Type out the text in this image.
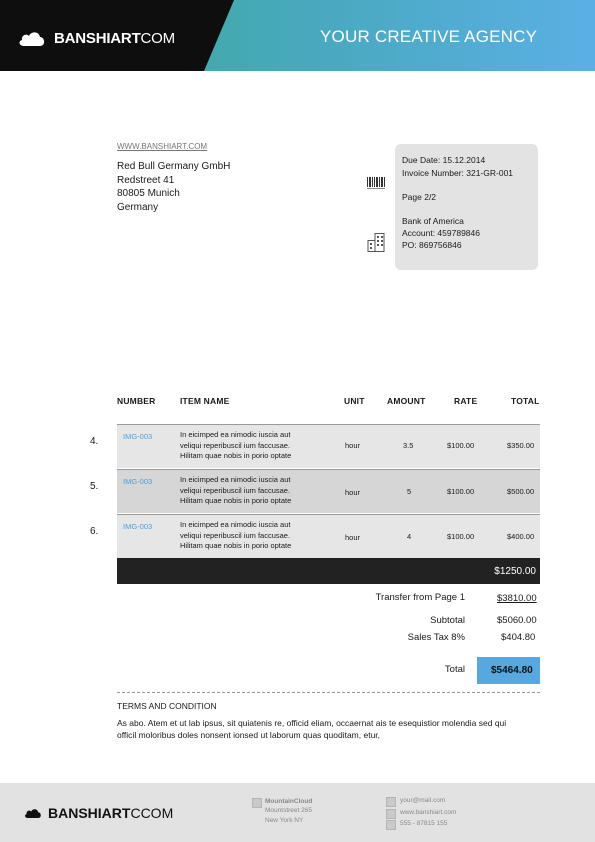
BANSHIARTCOM	YOUR CREATIVE AGENCY
WWW.BANSHIART.COM
Red Bull Germany GmbH
Redstreet 41
80805 Munich
Germany
Due Date: 15.12.2014
Invoice Number: 321-GR-001
Page 2/2
Bank of America
Account: 459789846
PO: 869756846
NUMBER	ITEM NAME	UNIT	AMOUNT	RATE	TOTAL
4.	IMG-003	In eicimped ea nimodic iuscia aut
veliqui reperibuscil ium faccusae.
Hilitam quae nobis in porio optate
hour	3.5	$100.00	$350.00
5.	IMG-003	In eicimped ea nimodic iuscia aut
veliqui reperibuscil ium faccusae.
Hilitam quae nobis in porio optate
hour	5	$100.00	$500.00
6.	IMG-003	In eicimped ea nimodic iuscia aut
veliqui reperibuscil ium faccusae.
Hilitam quae nobis in porio optate
hour	4	$100.00	$400.00
$1250.00
Transfer from Page 1	$3810.00
Subtotal	$5060.00
Sales Tax 8%	$404.80
Total	$5464.80
TERMS AND CONDITION
As abo. Atem et ut lab ipsus, sit quiatenis re, officid eliam, occaernat ais te esequistior molendia sed qui
officil moloribus doles nonsent ionsed ut laborum quas quoditam, etur,
BANSHIARTCCOM
MountainCloud
Mountstreet 265
New York NY
your@mail.com
www.banshiart.com
555 - 87815 155
